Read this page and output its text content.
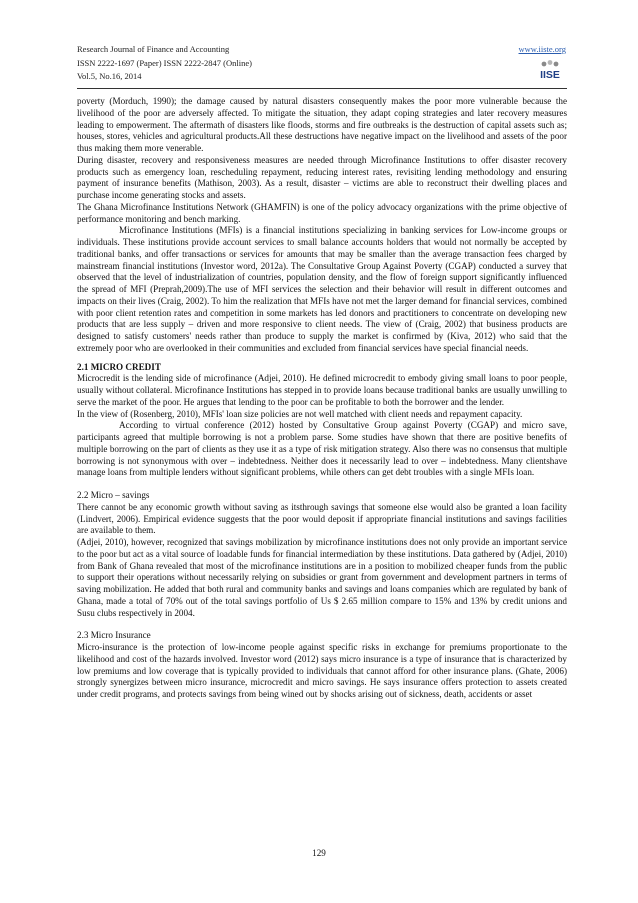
Research Journal of Finance and Accounting
ISSN 2222-1697 (Paper) ISSN 2222-2847 (Online)
Vol.5, No.16, 2014
www.iiste.org
IISE

poverty (Morduch, 1990); the damage caused by natural disasters consequently makes the poor more vulnerable because the livelihood of the poor are adversely affected. To mitigate the situation, they adapt coping strategies and later recovery measures leading to empowerment. The aftermath of disasters like floods, storms and fire outbreaks is the destruction of capital assets such as; houses, stores, vehicles and agricultural products.All these destructions have negative impact on the livelihood and assets of the poor thus making them more venerable.

During disaster, recovery and responsiveness measures are needed through Microfinance Institutions to offer disaster recovery products such as emergency loan, rescheduling repayment, reducing interest rates, revisiting lending methodology and ensuring payment of insurance benefits (Mathison, 2003). As a result, disaster – victims are able to reconstruct their dwelling places and purchase income generating stocks and assets.

The Ghana Microfinance Institutions Network (GHAMFIN) is one of the policy advocacy organizations with the prime objective of performance monitoring and bench marking.

Microfinance Institutions (MFIs) is a financial institutions specializing in banking services for Low-income groups or individuals. These institutions provide account services to small balance accounts holders that would not normally be accepted by traditional banks, and offer transactions or services for amounts that may be smaller than the average transaction fees charged by mainstream financial institutions (Investor word, 2012a). The Consultative Group Against Poverty (CGAP) conducted a survey that observed that the level of industrialization of countries, population density, and the flow of foreign support significantly influenced the spread of MFI (Preprah,2009).The use of MFI services the selection and their behavior will result in different outcomes and impacts on their lives (Craig, 2002). To him the realization that MFIs have not met the larger demand for financial services, combined with poor client retention rates and competition in some markets has led donors and practitioners to concentrate on developing new products that are less supply – driven and more responsive to client needs. The view of (Craig, 2002) that business products are designed to satisfy customers' needs rather than produce to supply the market is confirmed by (Kiva, 2012) who said that the extremely poor who are overlooked in their communities and excluded from financial services have special financial needs.

2.1 MICRO CREDIT

Microcredit is the lending side of microfinance (Adjei, 2010). He defined microcredit to embody giving small loans to poor people, usually without collateral. Microfinance Institutions has stepped in to provide loans because traditional banks are usually unwilling to serve the market of the poor. He argues that lending to the poor can be profitable to both the borrower and the lender.

In the view of (Rosenberg, 2010), MFIs' loan size policies are not well matched with client needs and repayment capacity.

According to virtual conference (2012) hosted by Consultative Group against Poverty (CGAP) and micro save, participants agreed that multiple borrowing is not a problem parse. Some studies have shown that there are positive benefits of multiple borrowing on the part of clients as they use it as a type of risk mitigation strategy. Also there was no consensus that multiple borrowing is not synonymous with over – indebtedness. Neither does it necessarily lead to over – indebtedness. Many clientshave manage loans from multiple lenders without significant problems, while others can get debt troubles with a single MFIs loan.

2.2 Micro – savings

There cannot be any economic growth without saving as itsthrough savings that someone else would also be granted a loan facility (Lindvert, 2006). Empirical evidence suggests that the poor would deposit if appropriate financial institutions and savings facilities are available to them.

(Adjei, 2010), however, recognized that savings mobilization by microfinance institutions does not only provide an important service to the poor but act as a vital source of loadable funds for financial intermediation by these institutions. Data gathered by (Adjei, 2010) from Bank of Ghana revealed that most of the microfinance institutions are in a position to mobilized cheaper funds from the public to support their operations without necessarily relying on subsidies or grant from government and development partners in terms of saving mobilization. He added that both rural and community banks and savings and loans companies which are regulated by bank of Ghana, made a total of 70% out of the total savings portfolio of Us $ 2.65 million compare to 15% and 13% by credit unions and Susu clubs respectively in 2004.

2.3 Micro Insurance

Micro-insurance is the protection of low-income people against specific risks in exchange for premiums proportionate to the likelihood and cost of the hazards involved. Investor word (2012) says micro insurance is a type of insurance that is characterized by low premiums and low coverage that is typically provided to individuals that cannot afford for other insurance plans. (Ghate, 2006) strongly synergizes between micro insurance, microcredit and micro savings. He says insurance offers protection to assets created under credit programs, and protects savings from being wined out by shocks arising out of sickness, death, accidents or asset

129
